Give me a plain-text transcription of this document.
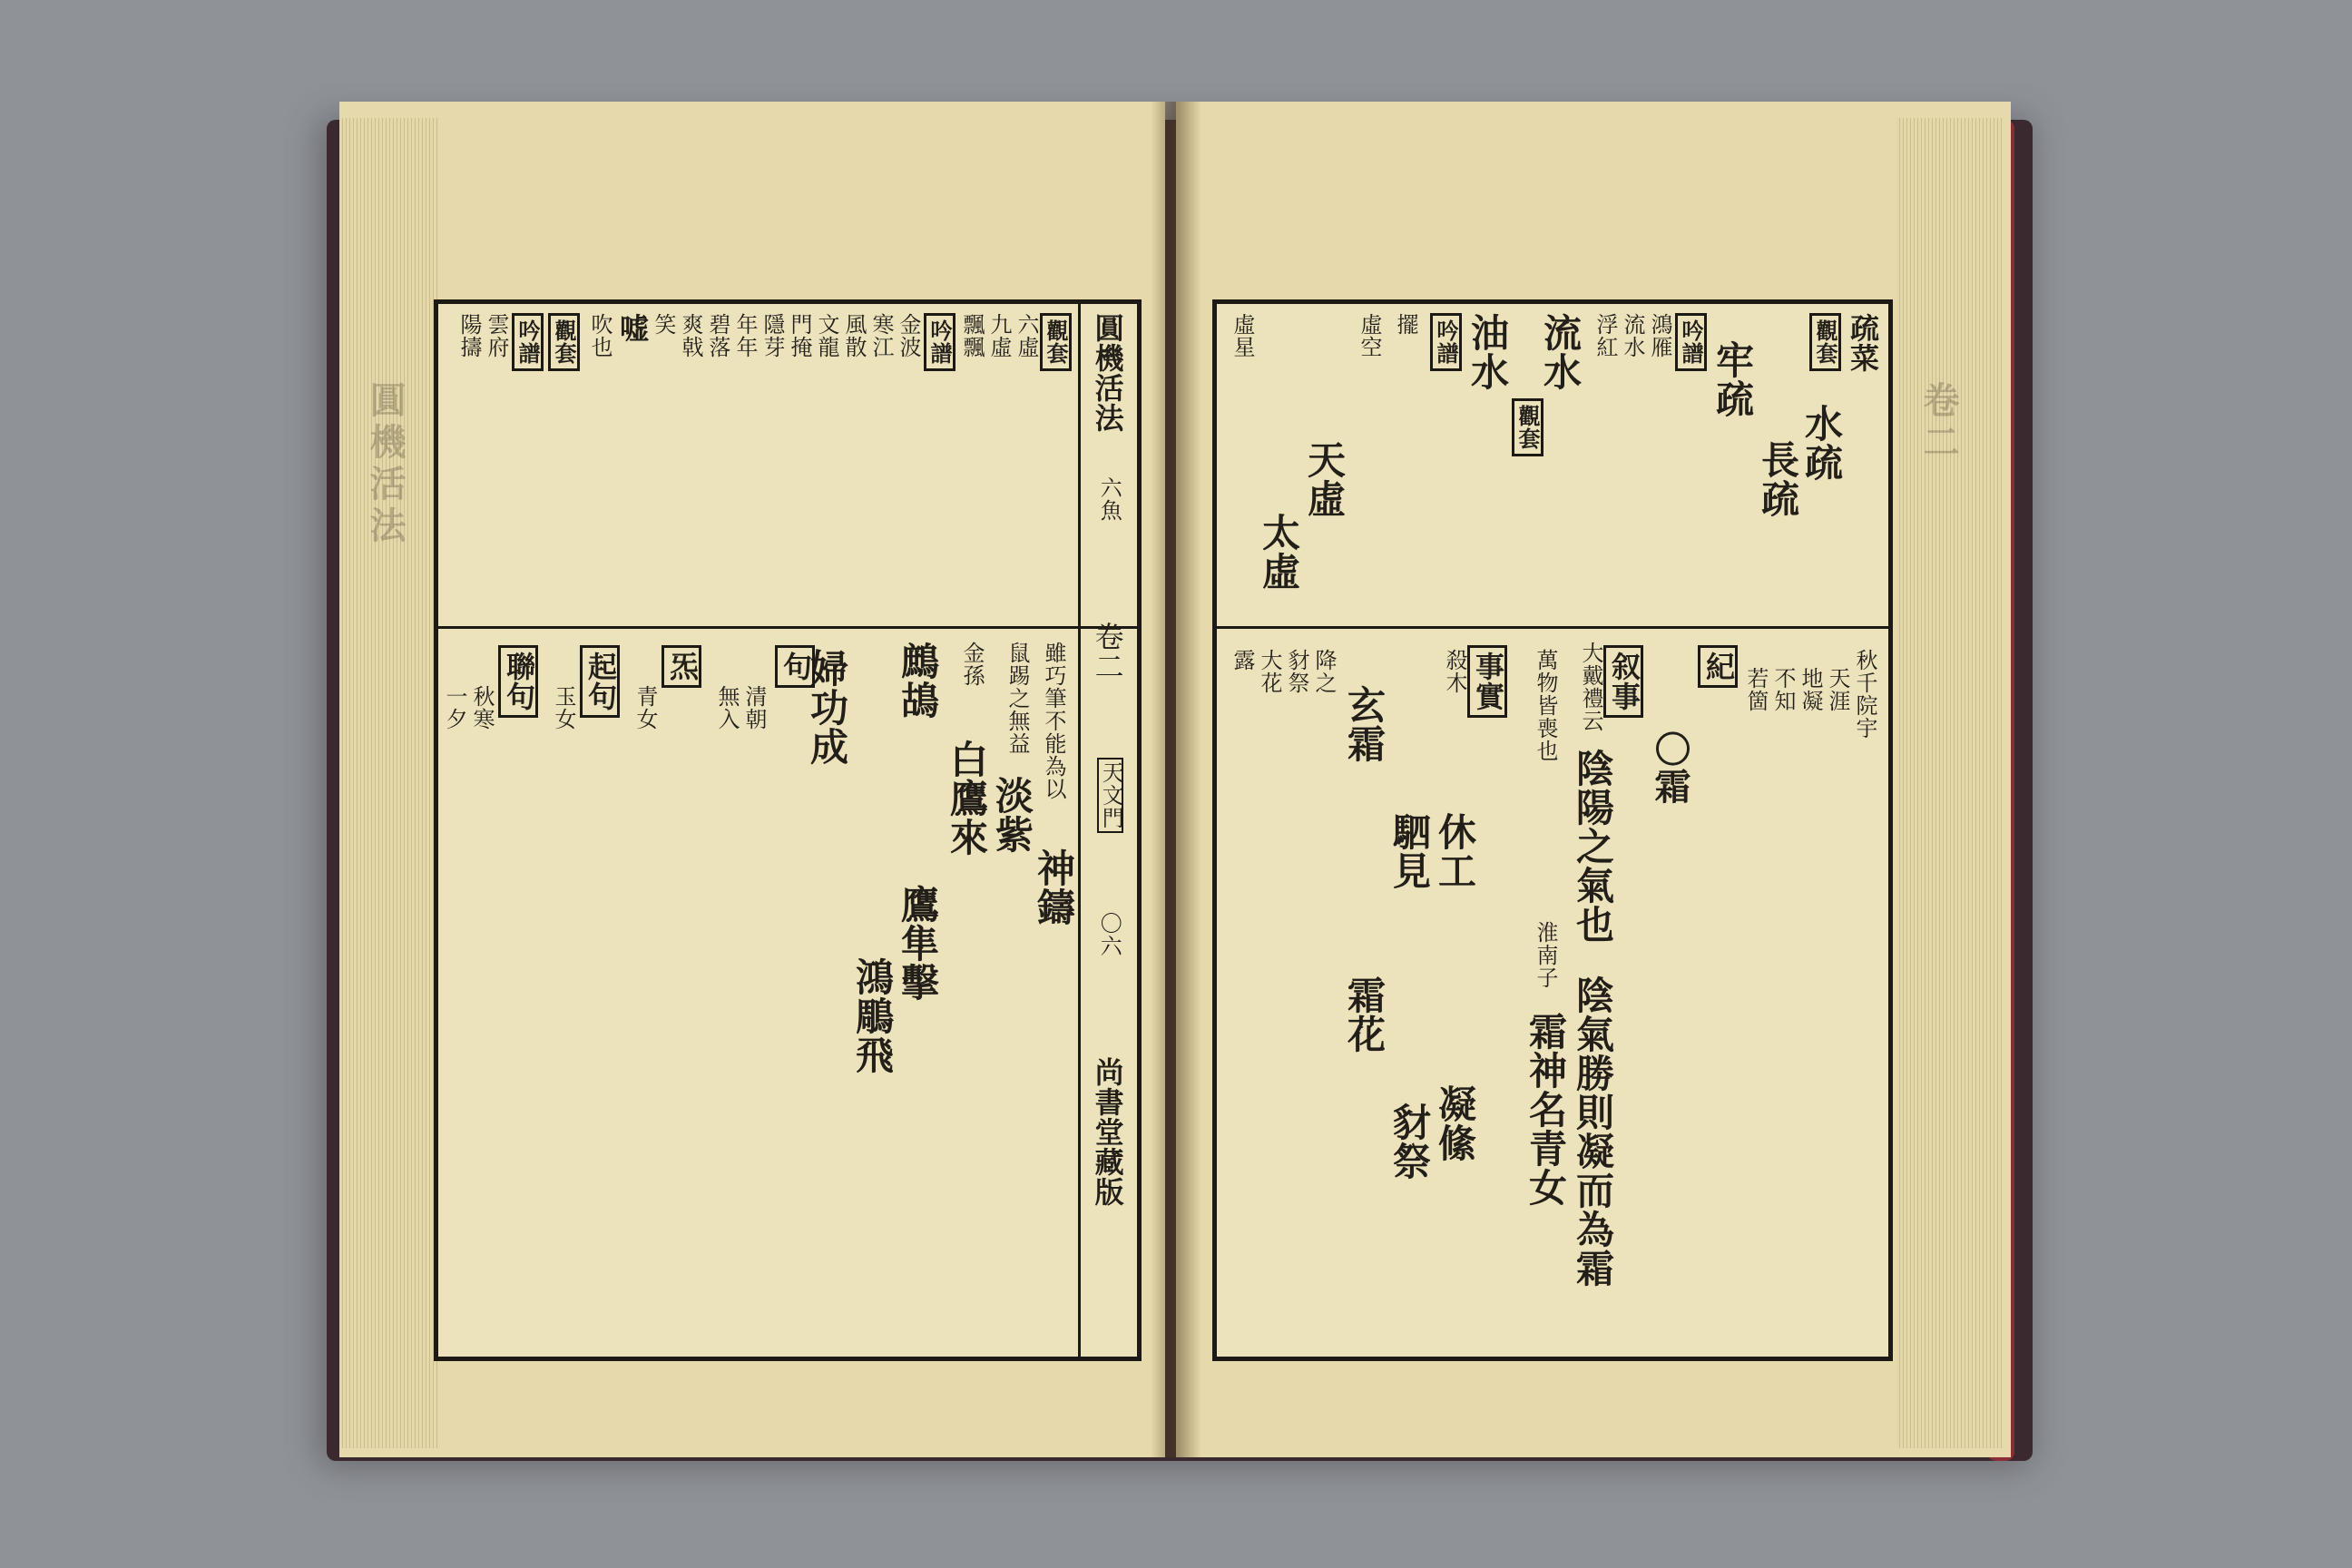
圓機活法	卷二
圓機活法
六魚
卷二
天文門
〇六
尚書堂藏版
觀套
六虛
九虛
飄飄
吟譜
金波
寒江
風散
文龍
門掩
隱芽
年年
碧落
爽戟
笑
嘘
吹也
觀套
吟譜
雲府
陽擣
雖巧筆不能為以
神鑄
鼠踢之無益
淡紫
金孫
白鷹來
鷓鴣
鷹隼擊
鴻鵰飛
婦功成
句
清朝
無入
炁
青女
起句
玉女
聯句
秋寒
一夕
疏菜
觀套
水疏
長疏
牢疏
吟譜
鴻雁
流水
浮紅
流水
觀套
油水
吟譜
擺
虛空
天虛
太虛
虛星
秋千院宇
天涯
地凝
不知
若箇
紀
〇霜
叙事
大戴禮云
陰陽之氣也
陰氣勝則凝而為霜
萬物皆喪也
淮南子
霜神名青女
事實
殺木
休工
凝絛
駟見
豺祭
玄霜
霜花
降之
豺祭
大花
露
